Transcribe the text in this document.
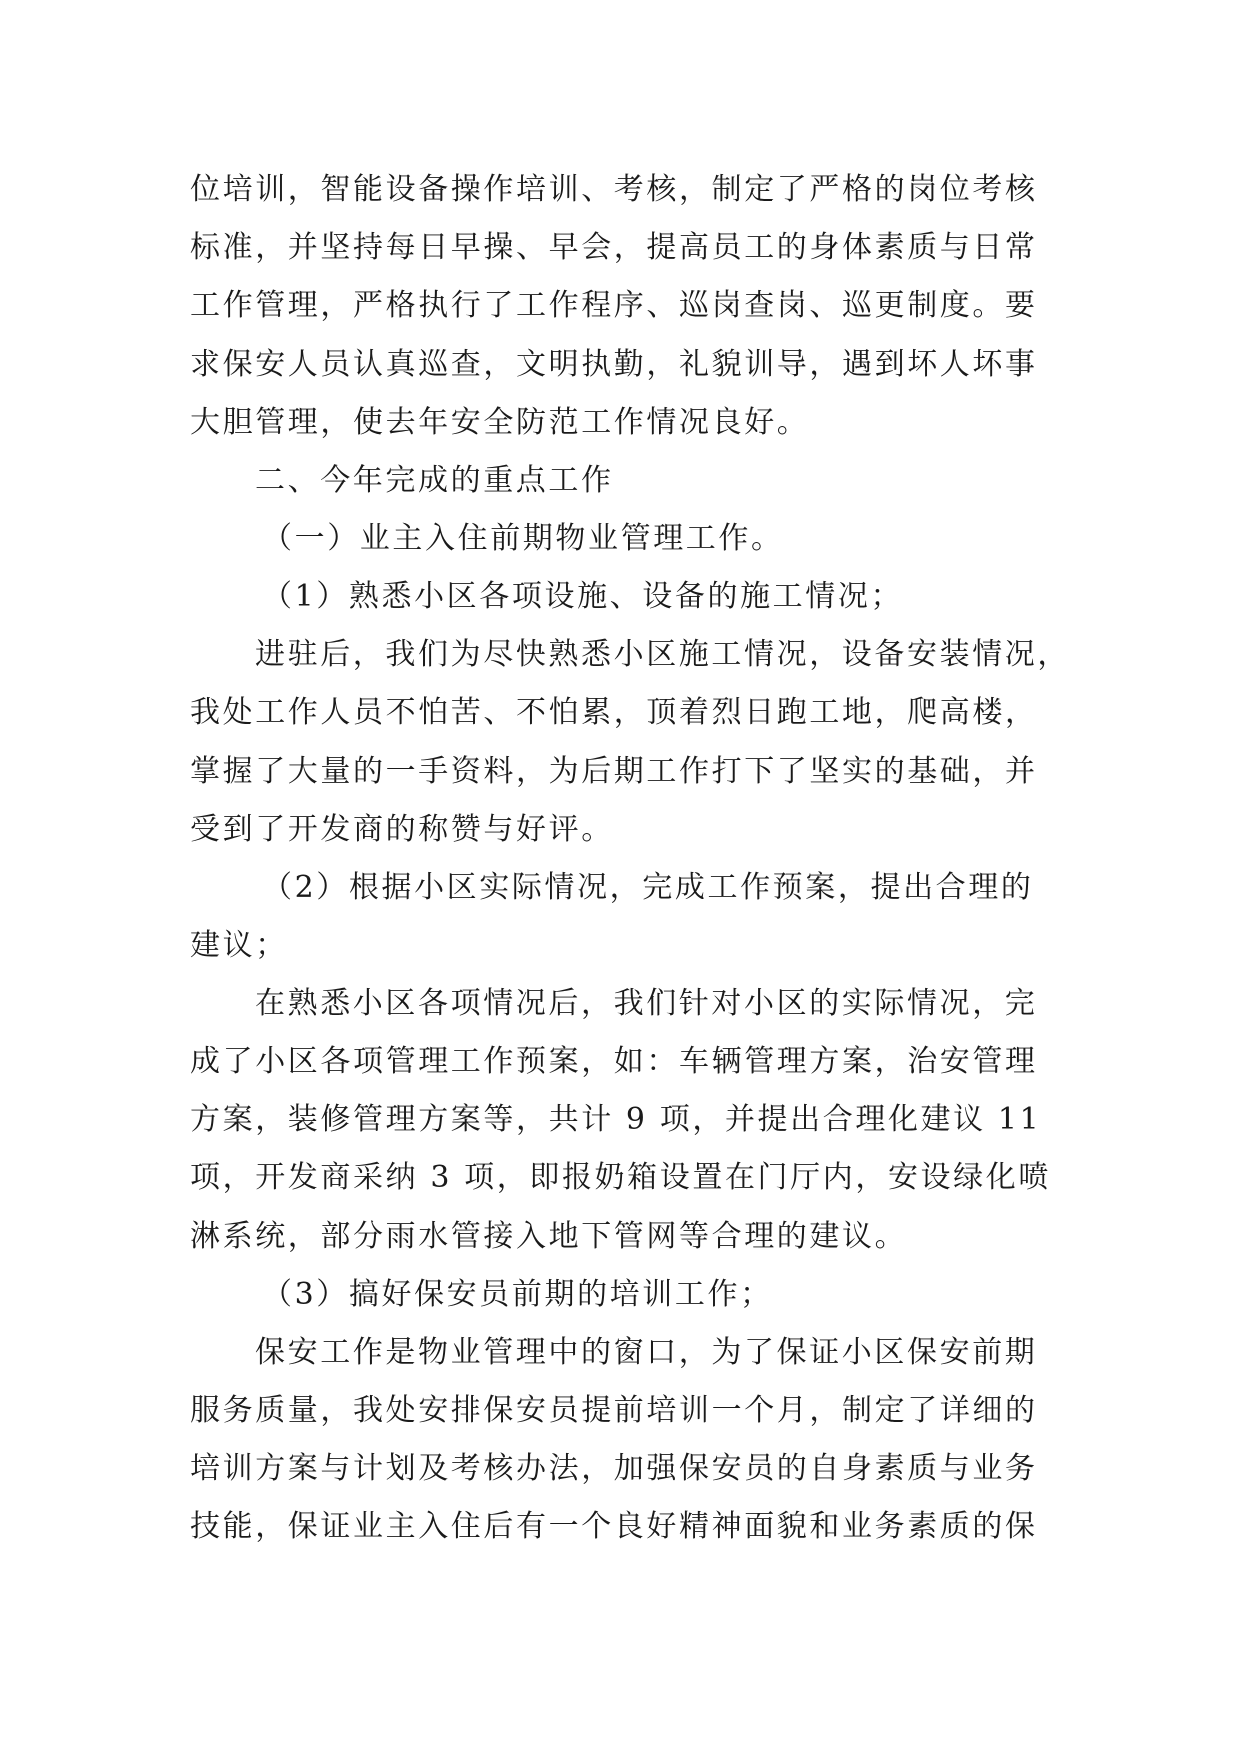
位培训，智能设备操作培训、考核，制定了严格的岗位考核
标准，并坚持每日早操、早会，提高员工的身体素质与日常
工作管理，严格执行了工作程序、巡岗查岗、巡更制度。要
求保安人员认真巡查，文明执勤，礼貌训导，遇到坏人坏事
大胆管理，使去年安全防范工作情况良好。
二、今年完成的重点工作
（一）业主入住前期物业管理工作。
（1）熟悉小区各项设施、设备的施工情况；
进驻后，我们为尽快熟悉小区施工情况，设备安装情况，
我处工作人员不怕苦、不怕累，顶着烈日跑工地，爬高楼，
掌握了大量的一手资料，为后期工作打下了坚实的基础，并
受到了开发商的称赞与好评。
（2）根据小区实际情况，完成工作预案，提出合理的
建议；
在熟悉小区各项情况后，我们针对小区的实际情况，完
成了小区各项管理工作预案，如：车辆管理方案，治安管理
方案，装修管理方案等，共计 9 项，并提出合理化建议 11
项，开发商采纳 3 项，即报奶箱设置在门厅内，安设绿化喷
淋系统，部分雨水管接入地下管网等合理的建议。
（3）搞好保安员前期的培训工作；
保安工作是物业管理中的窗口，为了保证小区保安前期
服务质量，我处安排保安员提前培训一个月，制定了详细的
培训方案与计划及考核办法，加强保安员的自身素质与业务
技能，保证业主入住后有一个良好精神面貌和业务素质的保
